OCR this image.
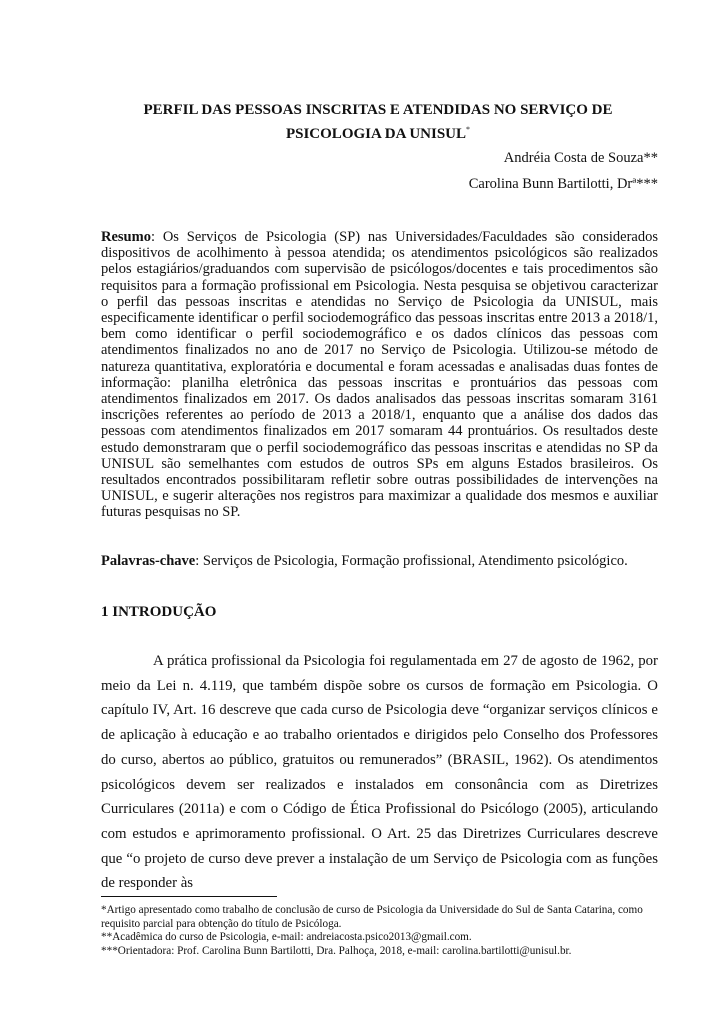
PERFIL DAS PESSOAS INSCRITAS E ATENDIDAS NO SERVIÇO DE
PSICOLOGIA DA UNISUL*
Andréia Costa de Souza**
Carolina Bunn Bartilotti, Drª***

Resumo: Os Serviços de Psicologia (SP) nas Universidades/Faculdades são considerados dispositivos de acolhimento à pessoa atendida; os atendimentos psicológicos são realizados pelos estagiários/graduandos com supervisão de psicólogos/docentes e tais procedimentos são requisitos para a formação profissional em Psicologia. Nesta pesquisa se objetivou caracterizar o perfil das pessoas inscritas e atendidas no Serviço de Psicologia da UNISUL, mais especificamente identificar o perfil sociodemográfico das pessoas inscritas entre 2013 a 2018/1, bem como identificar o perfil sociodemográfico e os dados clínicos das pessoas com atendimentos finalizados no ano de 2017 no Serviço de Psicologia. Utilizou-se método de natureza quantitativa, exploratória e documental e foram acessadas e analisadas duas fontes de informação: planilha eletrônica das pessoas inscritas e prontuários das pessoas com atendimentos finalizados em 2017. Os dados analisados das pessoas inscritas somaram 3161 inscrições referentes ao período de 2013 a 2018/1, enquanto que a análise dos dados das pessoas com atendimentos finalizados em 2017 somaram 44 prontuários. Os resultados deste estudo demonstraram que o perfil sociodemográfico das pessoas inscritas e atendidas no SP da UNISUL são semelhantes com estudos de outros SPs em alguns Estados brasileiros. Os resultados encontrados possibilitaram refletir sobre outras possibilidades de intervenções na UNISUL, e sugerir alterações nos registros para maximizar a qualidade dos mesmos e auxiliar futuras pesquisas no SP.

Palavras-chave: Serviços de Psicologia, Formação profissional, Atendimento psicológico.

1 INTRODUÇÃO

A prática profissional da Psicologia foi regulamentada em 27 de agosto de 1962, por meio da Lei n. 4.119, que também dispõe sobre os cursos de formação em Psicologia. O capítulo IV, Art. 16 descreve que cada curso de Psicologia deve “organizar serviços clínicos e de aplicação à educação e ao trabalho orientados e dirigidos pelo Conselho dos Professores do curso, abertos ao público, gratuitos ou remunerados” (BRASIL, 1962). Os atendimentos psicológicos devem ser realizados e instalados em consonância com as Diretrizes Curriculares (2011a) e com o Código de Ética Profissional do Psicólogo (2005), articulando com estudos e aprimoramento profissional. O Art. 25 das Diretrizes Curriculares descreve que “o projeto de curso deve prever a instalação de um Serviço de Psicologia com as funções de responder às

*Artigo apresentado como trabalho de conclusão de curso de Psicologia da Universidade do Sul de Santa Catarina, como requisito parcial para obtenção do título de Psicóloga.
**Acadêmica do curso de Psicologia, e-mail: andreiacosta.psico2013@gmail.com.
***Orientadora: Prof. Carolina Bunn Bartilotti, Dra. Palhoça, 2018, e-mail: carolina.bartilotti@unisul.br.
